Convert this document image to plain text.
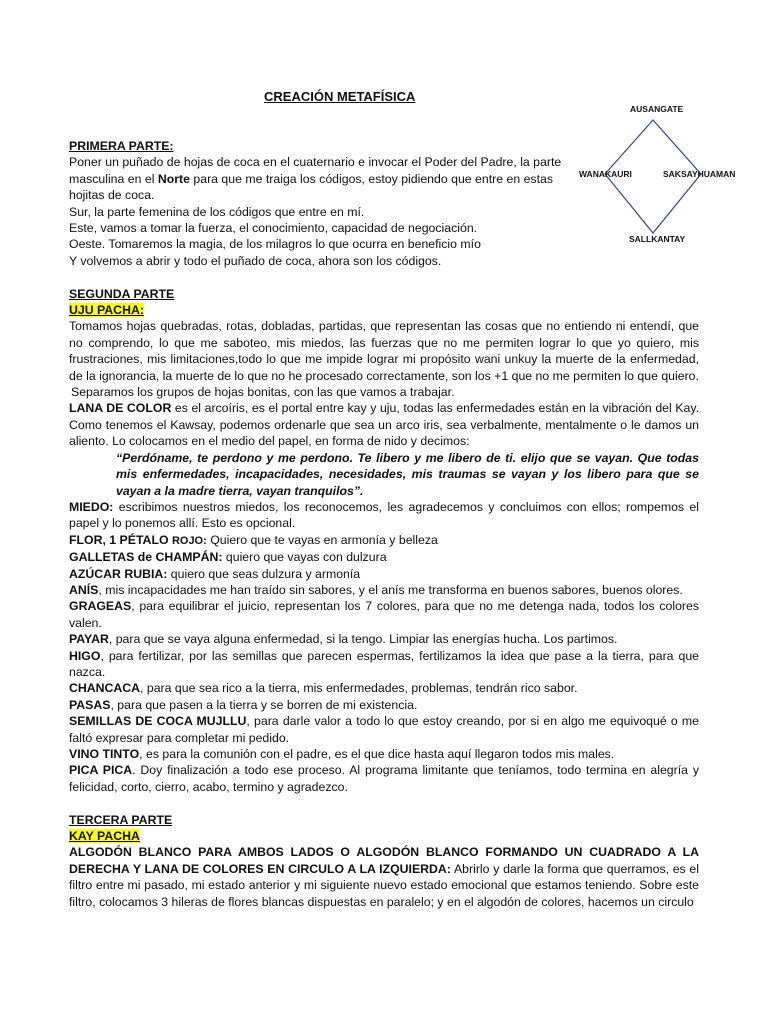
CREACIÓN METAFÍSICA
AUSANGATE
WANAKAURI	SAKSAYHUAMAN
SALLKANTAY

PRIMERA PARTE:

Poner un puñado de hojas de coca en el cuaternario e invocar el Poder del Padre, la parte masculina en el Norte para que me traiga los códigos, estoy pidiendo que entre en estas hojitas de coca.

Sur, la parte femenina de los códigos que entre en mí.

Este, vamos a tomar la fuerza, el conocimiento, capacidad de negociación.

Oeste. Tomaremos la magia, de los milagros lo que ocurra en beneficio mío

Y volvemos a abrir y todo el puñado de coca, ahora son los códigos.

SEGUNDA PARTE

UJU PACHA:

Tomamos hojas quebradas, rotas, dobladas, partidas, que representan las cosas que no entiendo ni entendí, que no comprendo, lo que me saboteo, mis miedos, las fuerzas que no me permiten lograr lo que yo quiero, mis frustraciones, mis limitaciones,todo lo que me impide lograr mi propósito wani unkuy la muerte de la enfermedad, de la ignorancia, la muerte de lo que no he procesado correctamente, son los +1 que no me permiten lo que quiero.

Separamos los grupos de hojas bonitas, con las que vamos a trabajar.

LANA DE COLOR es el arcoíris, es el portal entre kay y uju, todas las enfermedades están en la vibración del Kay. Como tenemos el Kawsay, podemos ordenarle que sea un arco iris, sea verbalmente, mentalmente o le damos un aliento. Lo colocamos en el medio del papel, en forma de nido y decimos:

“Perdóname, te perdono y me perdono. Te libero y me libero de ti. elijo que se vayan. Que todas mis enfermedades, incapacidades, necesidades, mis traumas se vayan y los libero para que se vayan a la madre tierra, vayan tranquilos”.

MIEDO: escribimos nuestros miedos, los reconocemos, les agradecemos y concluimos con ellos; rompemos el papel y lo ponemos allí. Esto es opcional.

FLOR, 1 PÉTALO ROJO: Quiero que te vayas en armonía y belleza

GALLETAS de CHAMPÁN: quiero que vayas con dulzura

AZÚCAR RUBIA: quiero que seas dulzura y armonía

ANÍS, mis incapacidades me han traído sin sabores, y el anís me transforma en buenos sabores, buenos olores.

GRAGEAS, para equilibrar el juicio, representan los 7 colores, para que no me detenga nada, todos los colores valen.

PAYAR, para que se vaya alguna enfermedad, si la tengo. Limpiar las energías hucha. Los partimos.

HIGO, para fertilizar, por las semillas que parecen espermas, fertilizamos la idea que pase a la tierra, para que nazca.

CHANCACA, para que sea rico a la tierra, mis enfermedades, problemas, tendrán rico sabor.

PASAS, para que pasen a la tierra y se borren de mi existencia.

SEMILLAS DE COCA MUJLLU, para darle valor a todo lo que estoy creando, por si en algo me equivoqué o me faltó expresar para completar mi pedido.

VINO TINTO, es para la comunión con el padre, es el que dice hasta aquí llegaron todos mis males.

PICA PICA. Doy finalización a todo ese proceso. Al programa limitante que teníamos, todo termina en alegría y felicidad, corto, cierro, acabo, termino y agradezco.

TERCERA PARTE

KAY PACHA

ALGODÓN BLANCO PARA AMBOS LADOS O ALGODÓN BLANCO FORMANDO UN CUADRADO A LA DERECHA Y LANA DE COLORES EN CIRCULO A LA IZQUIERDA: Abrirlo y darle la forma que querramos, es el filtro entre mi pasado, mi estado anterior y mi siguiente nuevo estado emocional que estamos teniendo. Sobre este filtro, colocamos 3 hileras de flores blancas dispuestas en paralelo; y en el algodón de colores, hacemos un circulo
